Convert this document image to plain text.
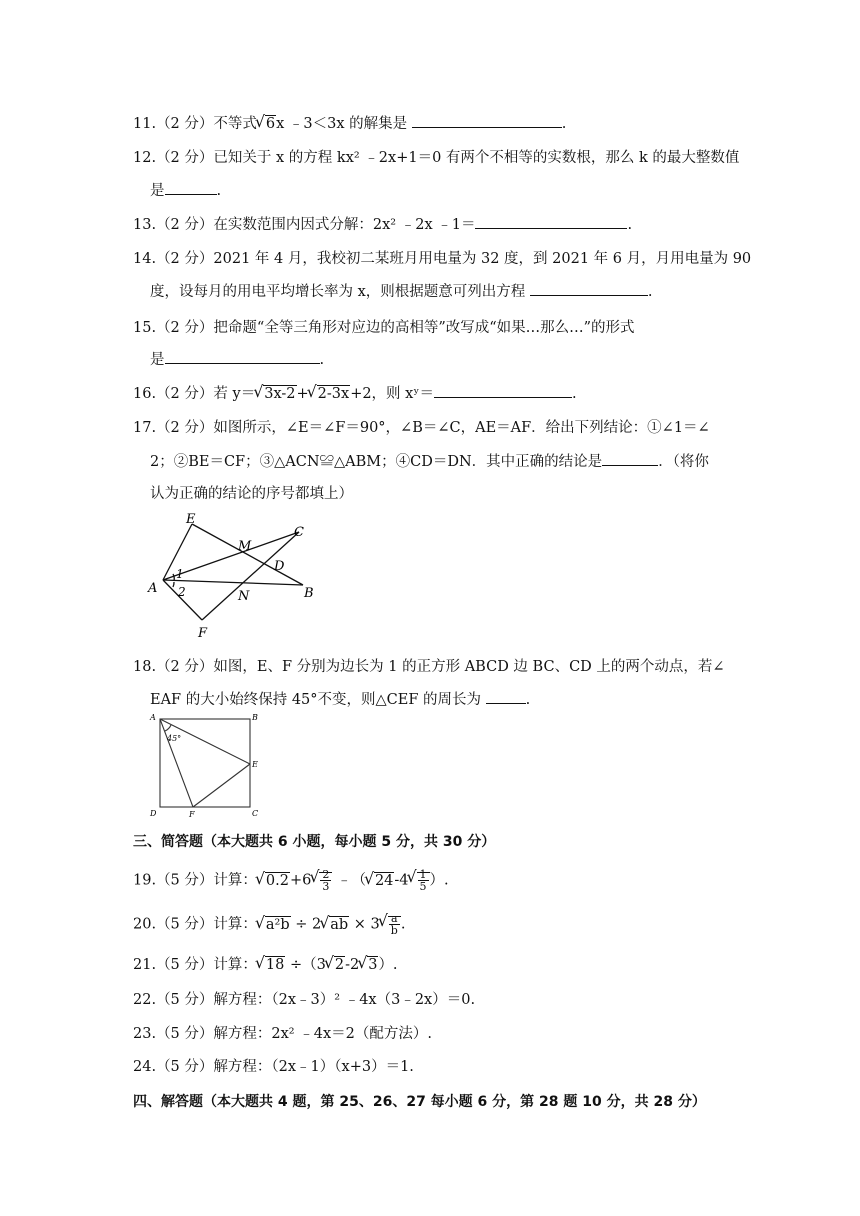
11.（2 分）不等式 √ 6x ﹣3＜3x 的解集是	.
12.（2 分）已知关于 x 的方程 kx² ﹣2x+1＝0 有两个不相等的实数根，那么 k 的最大整数值
是	.
13.（2 分）在实数范围内因式分解：2x² ﹣2x ﹣1＝	.
14.（2 分）2021 年 4 月，我校初二某班月用电量为 32 度，到 2021 年 6 月，月用电量为 90
度，设每月的用电平均增长率为 x，则根据题意可列出方程	.
15.（2 分）把命题“全等三角形对应边的高相等”改写成“如果…那么…”的形式
是	.
16.（2 分）若 y＝ √ 3x-2+ √ 2-3x+2，则 xʸ＝	.
17.（2 分）如图所示，∠E＝∠F＝90°，∠B＝∠C，AE＝AF．给出下列结论：①∠1＝∠
2；②BE＝CF；③△ACN≌△ABM；④CD＝DN．其中正确的结论是	．（将你
认为正确的结论的序号都填上）
E
M
C
D
A	B
N
F
1
2
18.（2 分）如图，E、F 分别为边长为 1 的正方形 ABCD 边 BC、CD 上的两个动点，若∠
EAF 的大小始终保持 45°不变，则△CEF 的周长为	.
A	B
E
D	F	C
45°
三、简答题（本大题共 6 小题，每小题 5 分，共 30 分）
19.（5 分）计算： √ 0.2+6 √ $\frac{2}{3}$ ﹣（ √ 24-4 √ $\frac{1}{5}$ ）.
20.（5 分）计算： √ a²b ÷ 2 √ ab × 3 √ $\frac{a}{b}$ .
21.（5 分）计算： √ 18 ÷（3 √ 2-2 √ 3）.
22.（5 分）解方程：（2x﹣3）² ﹣4x（3﹣2x）＝0.
23.（5 分）解方程：2x² ﹣4x＝2（配方法）.
24.（5 分）解方程：（2x﹣1）（x+3）＝1.
四、解答题（本大题共 4 题，第 25、26、27 每小题 6 分，第 28 题 10 分，共 28 分）
